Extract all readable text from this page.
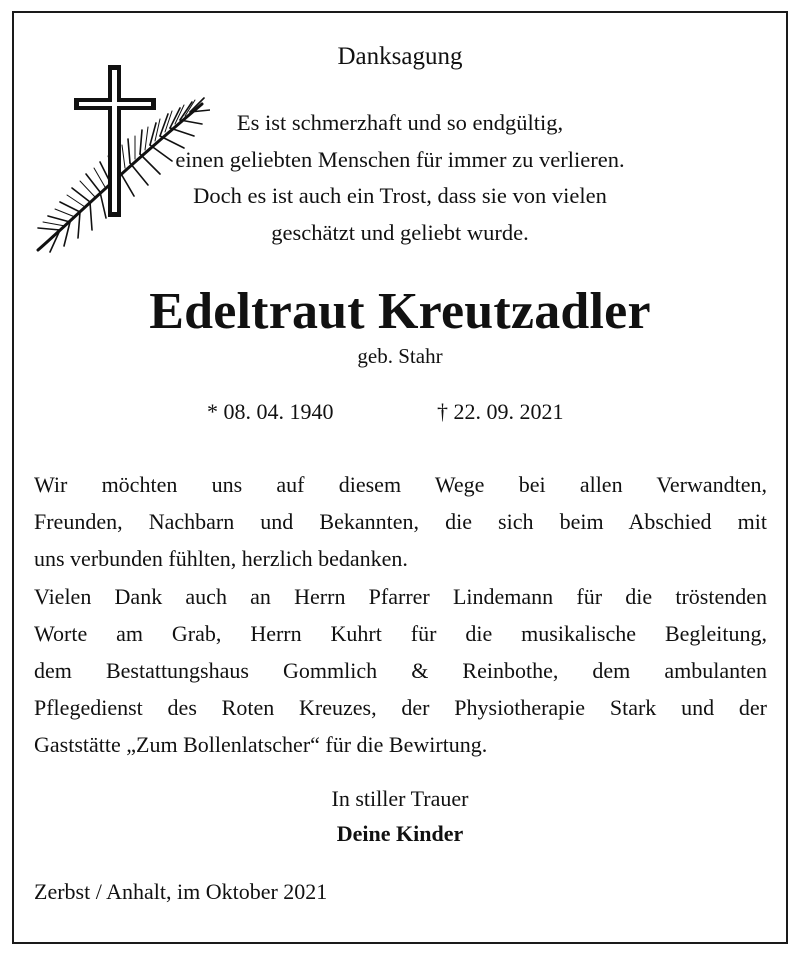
Danksagung
Es ist schmerzhaft und so endgültig,
einen geliebten Menschen für immer zu verlieren.
Doch es ist auch ein Trost, dass sie von vielen
geschätzt und geliebt wurde.
Edeltraut Kreutzadler
geb. Stahr
* 08. 04. 1940	† 22. 09. 2021
Wir möchten uns auf diesem Wege bei allen Verwandten,
Freunden, Nachbarn und Bekannten, die sich beim Abschied mit
uns verbunden fühlten, herzlich bedanken.
Vielen Dank auch an Herrn Pfarrer Lindemann für die tröstenden
Worte am Grab, Herrn Kuhrt für die musikalische Begleitung,
dem Bestattungshaus Gommlich & Reinbothe, dem ambulanten
Pflegedienst des Roten Kreuzes, der Physiotherapie Stark und der
Gaststätte „Zum Bollenlatscher“ für die Bewirtung.
In stiller Trauer
Deine Kinder
Zerbst / Anhalt, im Oktober 2021
